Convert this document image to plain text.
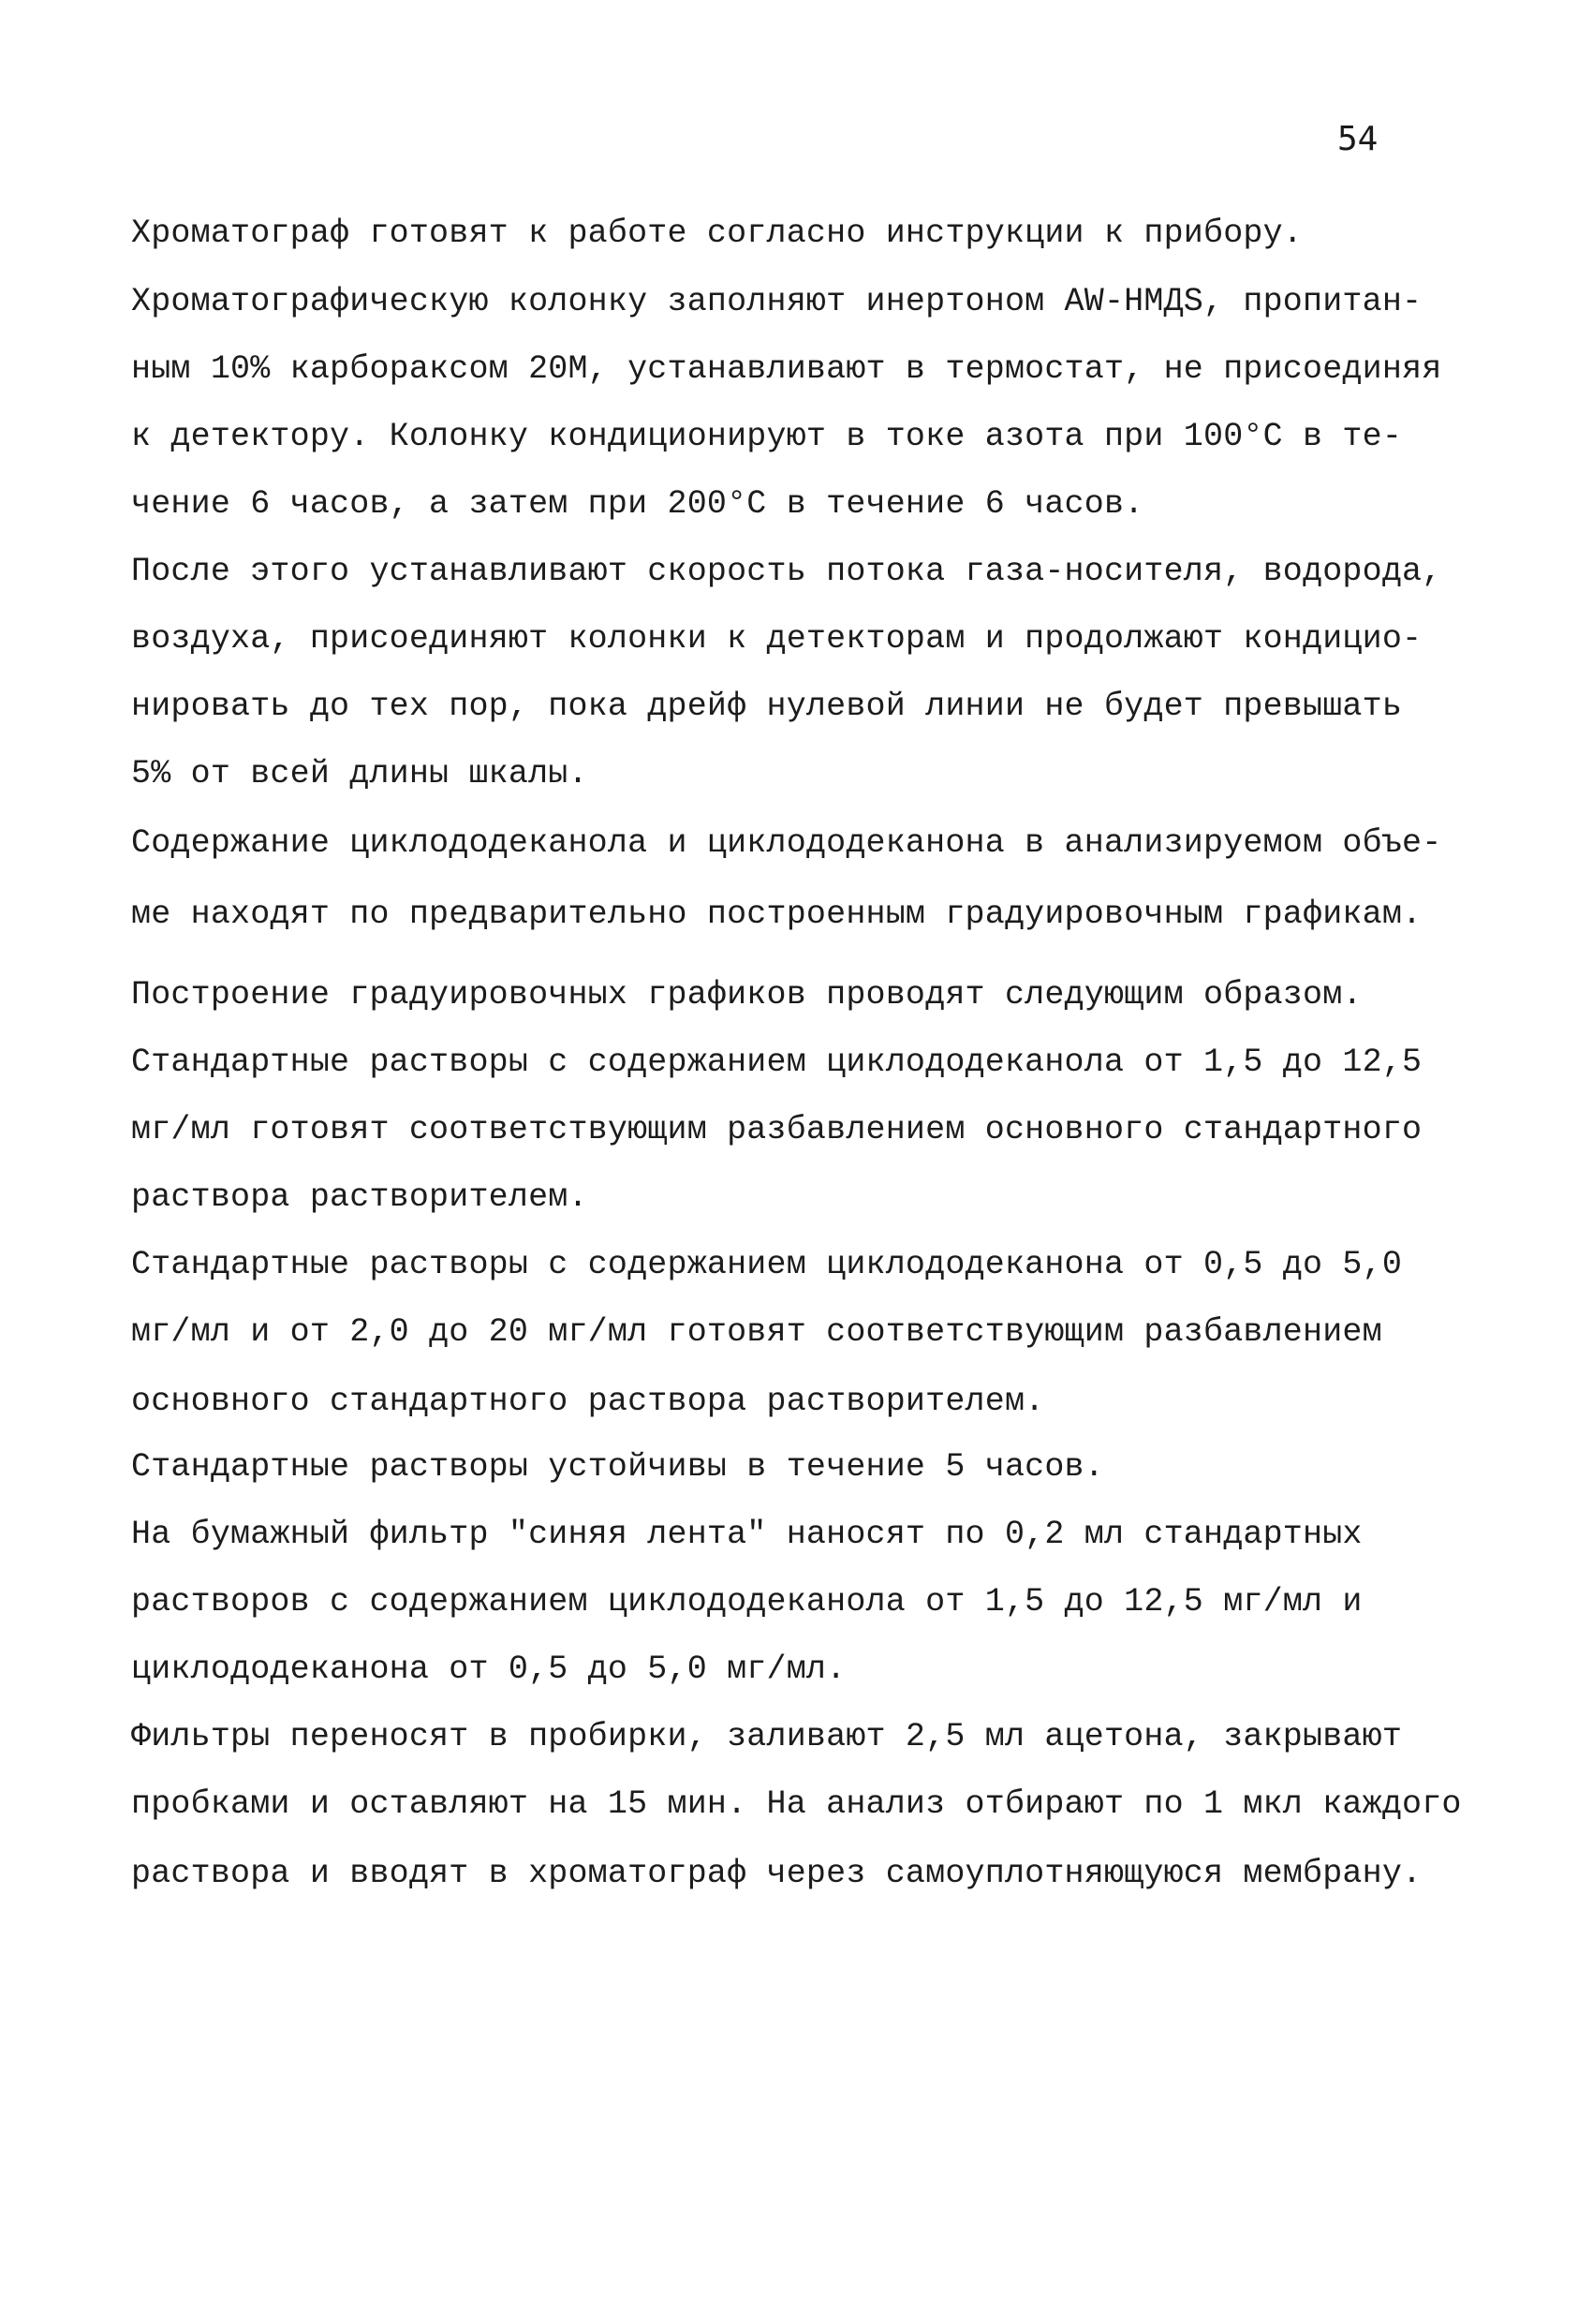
54
Хроматограф готовят к работе согласно инструкции к прибору.
Хроматографическую колонку заполняют инертоном AW-HMДS, пропитан-
ным 10% карбораксом 20М, устанавливают в термостат, не присоединяя
к детектору. Колонку кондиционируют в токе азота при 100°С в те-
чение 6 часов, а затем при 200°С в течение 6 часов.
После этого устанавливают скорость потока газа-носителя, водорода,
воздуха, присоединяют колонки к детекторам и продолжают кондицио-
нировать до тех пор, пока дрейф нулевой линии не будет превышать
5% от всей длины шкалы.
Содержание циклододеканола и циклододеканона в анализируемом объе-
ме находят по предварительно построенным градуировочным графикам.
Построение градуировочных графиков проводят следующим образом.
Стандартные растворы с содержанием циклододеканола от 1,5 до 12,5
мг/мл готовят соответствующим разбавлением основного стандартного
раствора растворителем.
Стандартные растворы с содержанием циклододеканона от 0,5 до 5,0
мг/мл и от 2,0 до 20 мг/мл готовят соответствующим разбавлением
основного стандартного раствора растворителем.
Стандартные растворы устойчивы в течение 5 часов.
На бумажный фильтр "синяя лента" наносят по 0,2 мл стандартных
растворов с содержанием циклододеканола от 1,5 до 12,5 мг/мл и
циклододеканона от 0,5 до 5,0 мг/мл.
Фильтры переносят в пробирки, заливают 2,5 мл ацетона, закрывают
пробками и оставляют на 15 мин. На анализ отбирают по 1 мкл каждого
раствора и вводят в хроматограф через самоуплотняющуюся мембрану.
